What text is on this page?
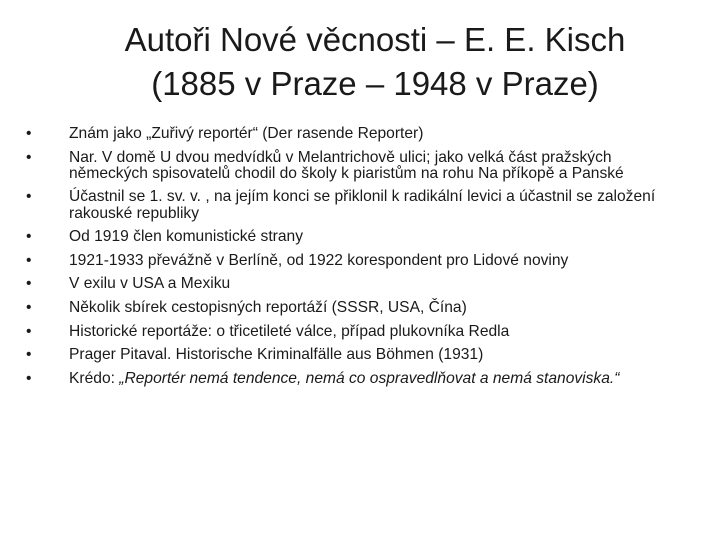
Autoři Nové věcnosti – E. E. Kisch
(1885 v Praze – 1948 v Praze)
•	Znám jako „Zuřivý reportér“ (Der rasende Reporter)
•	Nar. V domě U dvou medvídků v Melantrichově ulici; jako velká část pražských německých spisovatelů chodil do školy k piaristům na rohu Na příkopě a Panské
•	Účastnil se 1. sv. v. , na jejím konci se přiklonil k radikální levici a účastnil se založení rakouské republiky
•	Od 1919 člen komunistické strany
•	1921-1933 převážně v Berlíně, od 1922 korespondent pro Lidové noviny
•	V exilu v USA a Mexiku
•	Několik sbírek cestopisných reportáží (SSSR, USA, Čína)
•	Historické reportáže: o třicetileté válce, případ plukovníka Redla
•	Prager Pitaval. Historische Kriminalfälle aus Böhmen (1931)
•	Krédo: „Reportér nemá tendence, nemá co ospravedlňovat a nemá stanoviska.“
